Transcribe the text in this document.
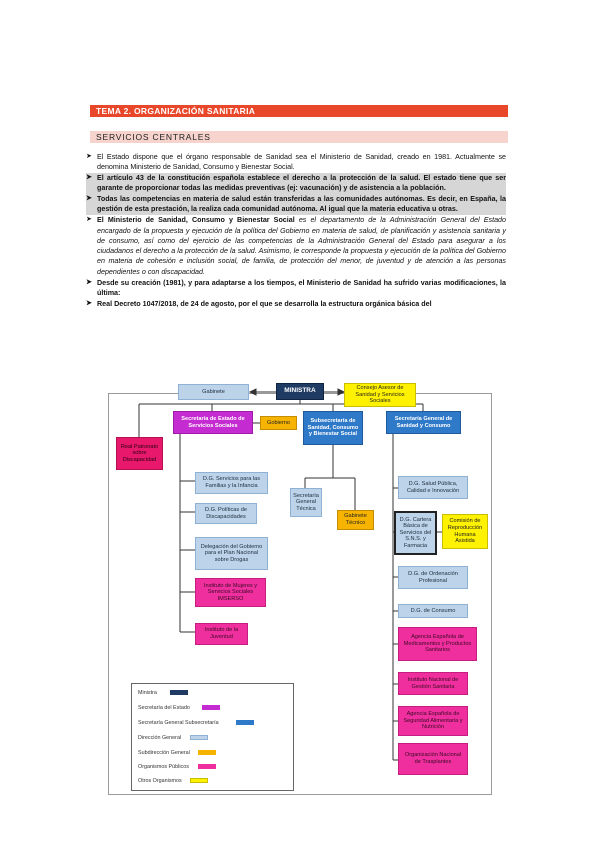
TEMA 2. ORGANIZACIÓN SANITARIA
SERVICIOS CENTRALES
➤ El Estado dispone que el órgano responsable de Sanidad sea el Ministerio de Sanidad, creado en 1981. Actualmente se denomina Ministerio de Sanidad, Consumo y Bienestar Social.
➤ El artículo 43 de la constitución española establece el derecho a la protección de la salud. El estado tiene que ser garante de proporcionar todas las medidas preventivas (ej: vacunación) y de asistencia a la población.
➤ Todas las competencias en materia de salud están transferidas a las comunidades autónomas. Es decir, en España, la gestión de esta prestación, la realiza cada comunidad autónoma. Al igual que la materia educativa u otras.
➤ El Ministerio de Sanidad, Consumo y Bienestar Social es el departamento de la Administración General del Estado encargado de la propuesta y ejecución de la política del Gobierno en materia de salud, de planificación y asistencia sanitaria y de consumo, así como del ejercicio de las competencias de la Administración General del Estado para asegurar a los ciudadanos el derecho a la protección de la salud. Asimismo, le corresponde la propuesta y ejecución de la política del Gobierno en materia de cohesión e inclusión social, de familia, de protección del menor, de juventud y de atención a las personas dependientes o con discapacidad.
➤ Desde su creación (1981), y para adaptarse a los tiempos, el Ministerio de Sanidad ha sufrido varias modificaciones, la última:
➤ Real Decreto 1047/2018, de 24 de agosto, por el que se desarrolla la estructura orgánica básica del
Gabinete	MINISTRA	Consejo Asesor de Sanidad y Servicios Sociales
Real Patronato sobre Discapacidad
Secretaría de Estado de Servicios Sociales	Gobierno	Subsecretaría de Sanidad, Consumo y Bienestar Social
Secretaría General de Sanidad y Consumo
D.G. Servicios para las Familias y la Infancia
D.G. Políticas de Discapacidades
Delegación del Gobierno para el Plan Nacional sobre Drogas
Instituto de Mujeres y Servicios Sociales IMSERSO
Instituto de la Juventud
Secretaría General Técnica
Gabinete Técnico
D.G. Salud Pública, Calidad e Innovación
D.G. Cartera Básica de Servicios del S.N.S. y Farmacia
Comisión de Reproducción Humana Asistida
D.G. de Ordenación Profesional
D.G. de Consumo
Agencia Española de Medicamentos y Productos Sanitarios
Instituto Nacional de Gestión Sanitaria
Agencia Española de Seguridad Alimentaria y Nutrición
Organización Nacional de Trasplantes
Ministra
Secretaría del Estado
Secretaría General Subsecretaría
Dirección General
Subdirección General
Organismos Públicos
Otros Organismos
